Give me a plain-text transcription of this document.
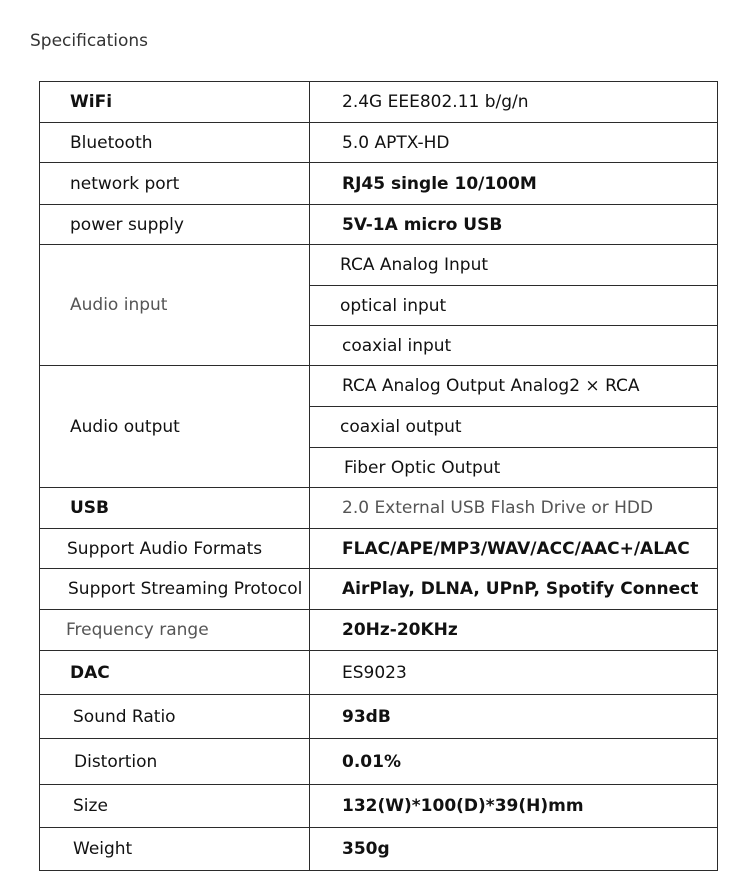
Specifications
WiFi	2.4G EEE802.11 b/g/n
Bluetooth	5.0 APTX-HD
network port	RJ45 single 10/100M
power supply	5V-1A micro USB
Audio input	RCA Analog Input
	optical input
	coaxial input
Audio output	RCA Analog Output Analog2 × RCA
	coaxial output
	Fiber Optic Output
USB	2.0 External USB Flash Drive or HDD
Support Audio Formats	FLAC/APE/MP3/WAV/ACC/AAC+/ALAC
Support Streaming Protocol	AirPlay, DLNA, UPnP, Spotify Connect
Frequency range	20Hz-20KHz
DAC	ES9023
Sound Ratio	93dB
Distortion	0.01%
Size	132(W)*100(D)*39(H)mm
Weight	350g
